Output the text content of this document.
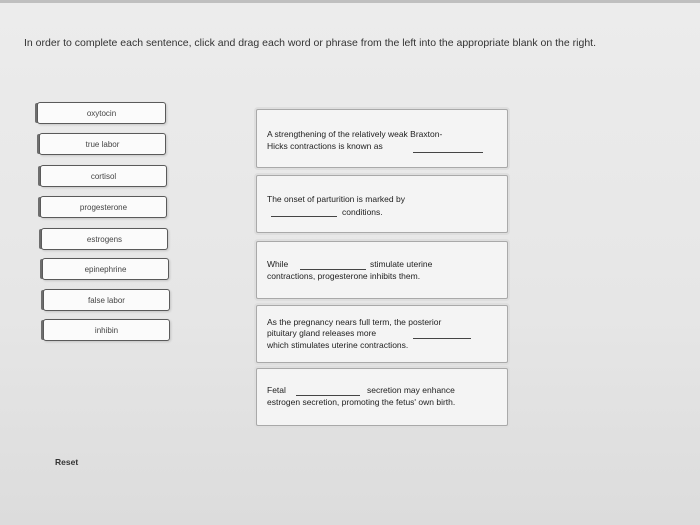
In order to complete each sentence, click and drag each word or phrase from the left into the appropriate blank on the right.
oxytocin
true labor
cortisol
progesterone
estrogens
epinephrine
false labor
inhibin
A strengthening of the relatively weak Braxton-
Hicks contractions is known as
The onset of parturition is marked by
conditions.
While	stimulate uterine
contractions, progesterone inhibits them.
As the pregnancy nears full term, the posterior
pituitary gland releases more
which stimulates uterine contractions.
Fetal	secretion may enhance
estrogen secretion, promoting the fetus' own birth.
Reset
